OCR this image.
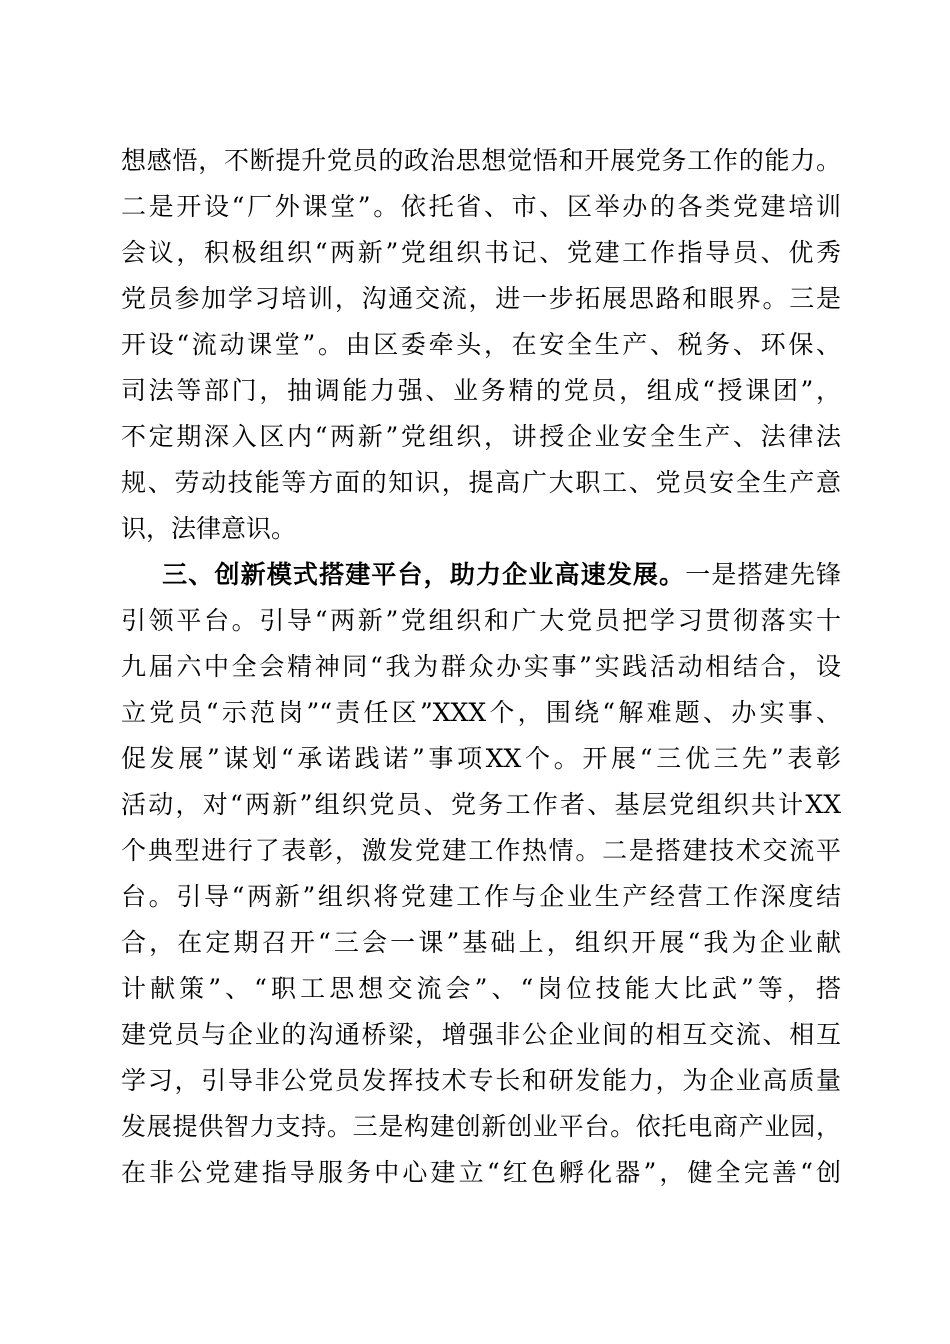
想感悟，不断提升党员的政治思想觉悟和开展党务工作的能力。
二是开设“厂外课堂”。依托省、市、区举办的各类党建培训
会议，积极组织“两新”党组织书记、党建工作指导员、优秀
党员参加学习培训，沟通交流，进一步拓展思路和眼界。三是
开设“流动课堂”。由区委牵头，在安全生产、税务、环保、
司法等部门，抽调能力强、业务精的党员，组成“授课团”，
不定期深入区内“两新”党组织，讲授企业安全生产、法律法
规、劳动技能等方面的知识，提高广大职工、党员安全生产意
识，法律意识。
三、创新模式搭建平台，助力企业高速发展。一是搭建先锋
引领平台。引导“两新”党组织和广大党员把学习贯彻落实十
九届六中全会精神同“我为群众办实事”实践活动相结合，设
立党员“示范岗”“责任区”XXX个，围绕“解难题、办实事、
促发展”谋划“承诺践诺”事项XX个。开展“三优三先”表彰
活动，对“两新”组织党员、党务工作者、基层党组织共计XX
个典型进行了表彰，激发党建工作热情。二是搭建技术交流平
台。引导“两新”组织将党建工作与企业生产经营工作深度结
合，在定期召开“三会一课”基础上，组织开展“我为企业献
计献策”、“职工思想交流会”、“岗位技能大比武”等，搭
建党员与企业的沟通桥梁，增强非公企业间的相互交流、相互
学习，引导非公党员发挥技术专长和研发能力，为企业高质量
发展提供智力支持。三是构建创新创业平台。依托电商产业园，
在非公党建指导服务中心建立“红色孵化器”，健全完善“创
